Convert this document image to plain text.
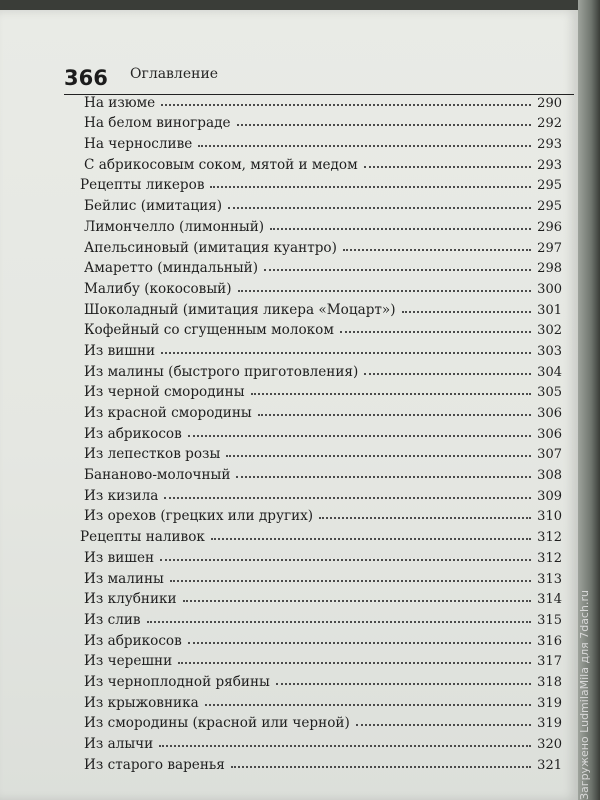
366 Оглавление
На изюме	290
На белом винограде	292
На черносливе	293
С абрикосовым соком, мятой и медом	293
Рецепты ликеров	295
Бейлис (имитация)	295
Лимончелло (лимонный)	296
Апельсиновый (имитация куантро)	297
Амаретто (миндальный)	298
Малибу (кокосовый)	300
Шоколадный (имитация ликера «Моцарт»)	301
Кофейный со сгущенным молоком	302
Из вишни	303
Из малины (быстрого приготовления)	304
Из черной смородины	305
Из красной смородины	306
Из абрикосов	306
Из лепестков розы	307
Бананово-молочный	308
Из кизила	309
Из орехов (грецких или других)	310
Рецепты наливок	312
Из вишен	312
Из малины	313
Из клубники	314
Из слив	315
Из абрикосов	316
Из черешни	317
Из черноплодной рябины	318
Из крыжовника	319
Из смородины (красной или черной)	319
Из алычи	320
Из старого варенья	321 Загружено LudmilaMila для 7dach.ru
